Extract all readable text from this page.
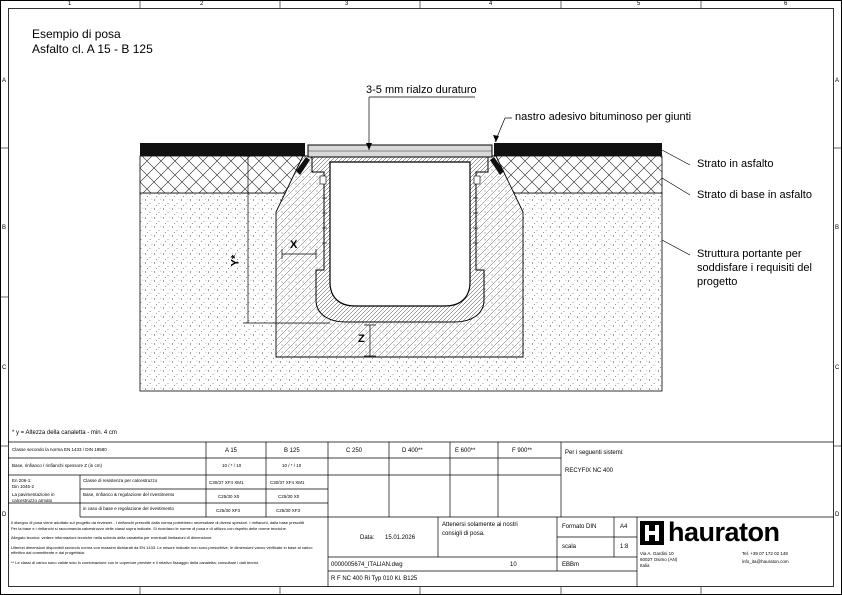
1	2	3	4	5	6
A
B
C
D
A
B
C
D
Esempio di posa
Asfalto cl. A 15 - B 125
3-5 mm rialzo duraturo
nastro adesivo bituminoso per giunti
Strato in asfalto
Strato di base in asfalto
Struttura portante per
soddisfare i requisiti del
progetto
X
Y*
Z
* y = Altezza della canaletta - min. 4 cm
Classe secondo la norma EN 1433 / DIN 19580	A 15	B 125	C 250	D 400**	E 600**	F 900**	Per i seguenti sistemi:
RECYFIX NC 400
Base, rinfianco / rinfianchi spessore Z (in cm)	10 / * / 10	10 / * / 10
En 206-1:
Din 1045-2
Classe di resistenza per calcestruzzo	C30/37 XF4 XM1	C30/37 XF4 XM1
La pavimentazione in
calcestruzzo armato
Base, rinfianco & regolazione del rivestimento	C25/30 X0	C25/30 X0
in caso di base e regolazione del rivestimento	C25/30 XF3	C25/30 XF3
Il disegno di posa viene adottato sul progetto da reviewer - I rinfianchi prescritti dalla norma potrebbero necessitare di diversi spessori. I rinfianchi, dalla base prescritti
Per la base e i rinfianchi si raccomanda calcestruzzo delle classi sopra indicate. Si ricordano le norme di posa e di utilizzo con rispetto delle norme tecniche.
Allegato tecnico: vedere informazioni tecniche nella scheda della canaletta per eventuali limitazioni di dimensione.
Ulteriori dimensioni disponibili secondo norma con massimi dichiarati da EN 1433. Le misure indicate non sono prescrittive; le dimensioni vanno verificate in base al carico effettivo dal committente e dal progettista.
** Le classi di carico sono valide solo in combinazione con le coperture previste e il relativo fissaggio della canaletta; consultare i dati tecnici.
Data: 15.01.2026
Attenersi solamente ai nostri
consigli di posa.
Formato DIN	A4
scala	1:8
0000005674_ITALIAN.dwg	10	EBBm
R F NC 400 Ri Typ 010 Kl. B125
hauraton
Via A. Gardini 10
60027 Osimo (AN)
Italia
Tel. +39 07 172 02 148
info_ita@hauraton.com
